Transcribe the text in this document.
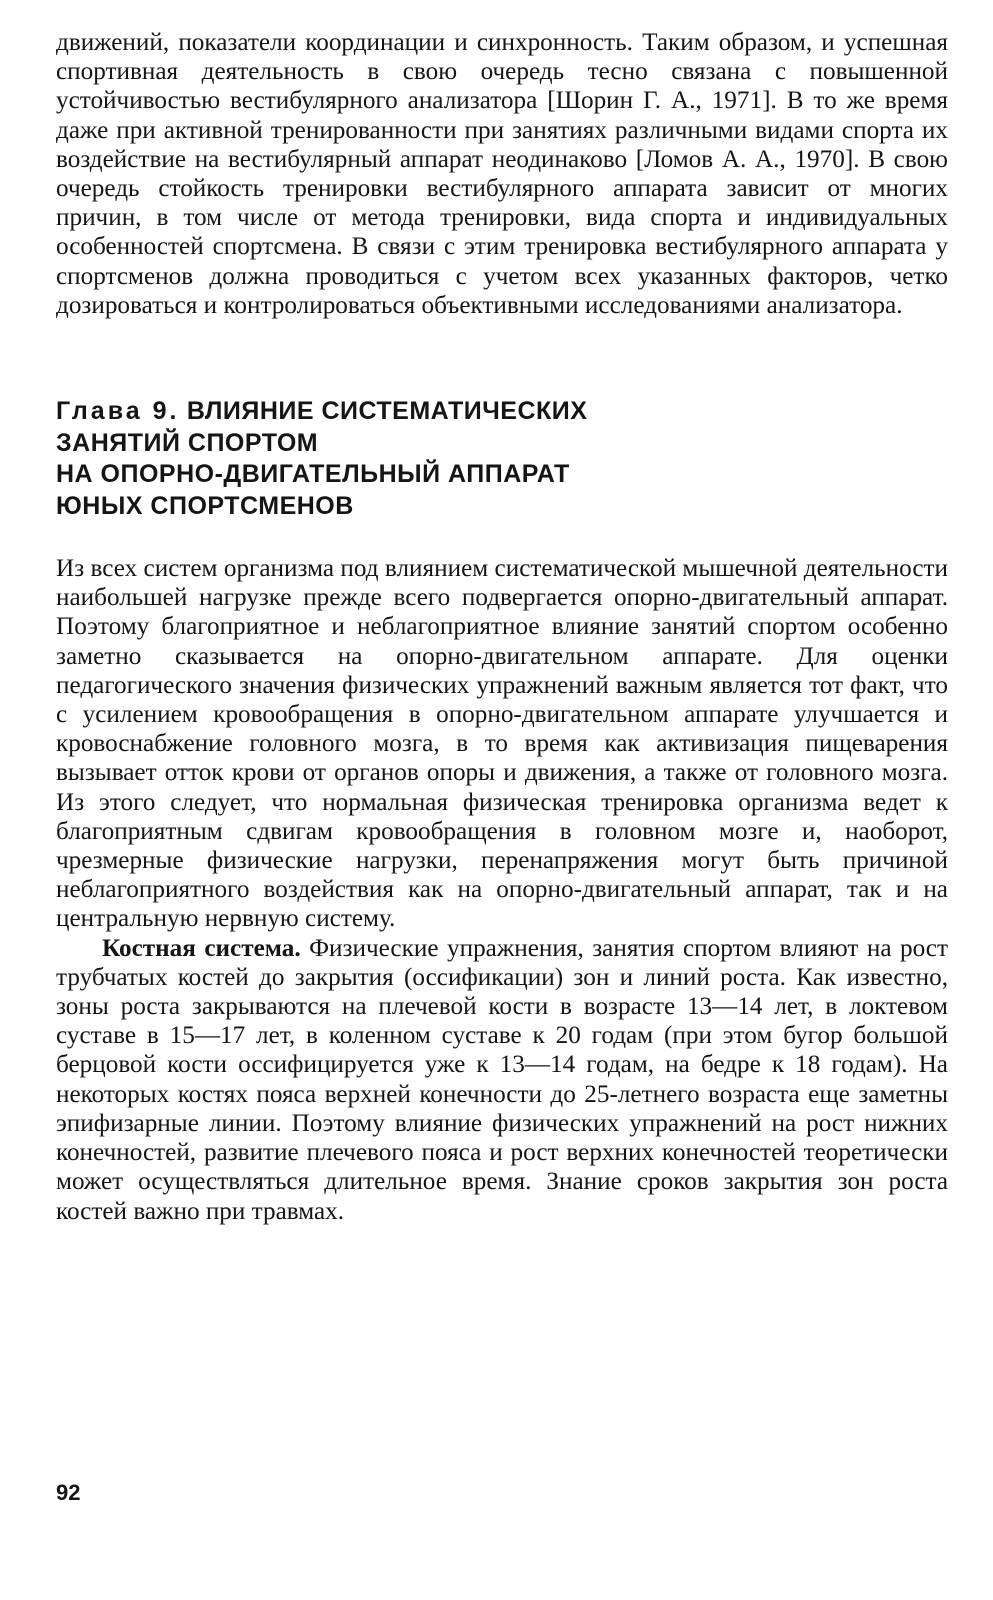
движений, показатели координации и синхронность. Таким образом, и успешная спортивная деятельность в свою очередь тесно связана с повышенной устойчивостью вестибулярного анализатора [Шорин Г. А., 1971]. В то же время даже при активной тренированности при занятиях различными видами спорта их воздействие на вестибулярный аппарат неодинаково [Ломов А. А., 1970]. В свою очередь стойкость тренировки вестибулярного аппарата зависит от многих причин, в том числе от метода тренировки, вида спорта и индивидуальных особенностей спортсмена. В связи с этим тренировка вестибулярного аппарата у спортсменов должна проводиться с учетом всех указанных факторов, четко дозироваться и контролироваться объективными исследованиями анализатора.

Глава 9. ВЛИЯНИЕ СИСТЕМАТИЧЕСКИХ
ЗАНЯТИЙ СПОРТОМ
НА ОПОРНО-ДВИГАТЕЛЬНЫЙ АППАРАТ
ЮНЫХ СПОРТСМЕНОВ

Из всех систем организма под влиянием систематической мышечной деятельности наибольшей нагрузке прежде всего подвергается опорно-двигательный аппарат. Поэтому благоприятное и неблагоприятное влияние занятий спортом особенно заметно сказывается на опорно-двигательном аппарате. Для оценки педагогического значения физических упражнений важным является тот факт, что с усилением кровообращения в опорно-двигательном аппарате улучшается и кровоснабжение головного мозга, в то время как активизация пищеварения вызывает отток крови от органов опоры и движения, а также от головного мозга. Из этого следует, что нормальная физическая тренировка организма ведет к благоприятным сдвигам кровообращения в головном мозге и, наоборот, чрезмерные физические нагрузки, перенапряжения могут быть причиной неблагоприятного воздействия как на опорно-двигательный аппарат, так и на центральную нервную систему.

Костная система. Физические упражнения, занятия спортом влияют на рост трубчатых костей до закрытия (оссификации) зон и линий роста. Как известно, зоны роста закрываются на плечевой кости в возрасте 13—14 лет, в локтевом суставе в 15—17 лет, в коленном суставе к 20 годам (при этом бугор большой берцовой кости оссифицируется уже к 13—14 годам, на бедре к 18 годам). На некоторых костях пояса верхней конечности до 25-летнего возраста еще заметны эпифизарные линии. Поэтому влияние физических упражнений на рост нижних конечностей, развитие плечевого пояса и рост верхних конечностей теоретически может осуществляться длительное время. Знание сроков закрытия зон роста костей важно при травмах.

92
